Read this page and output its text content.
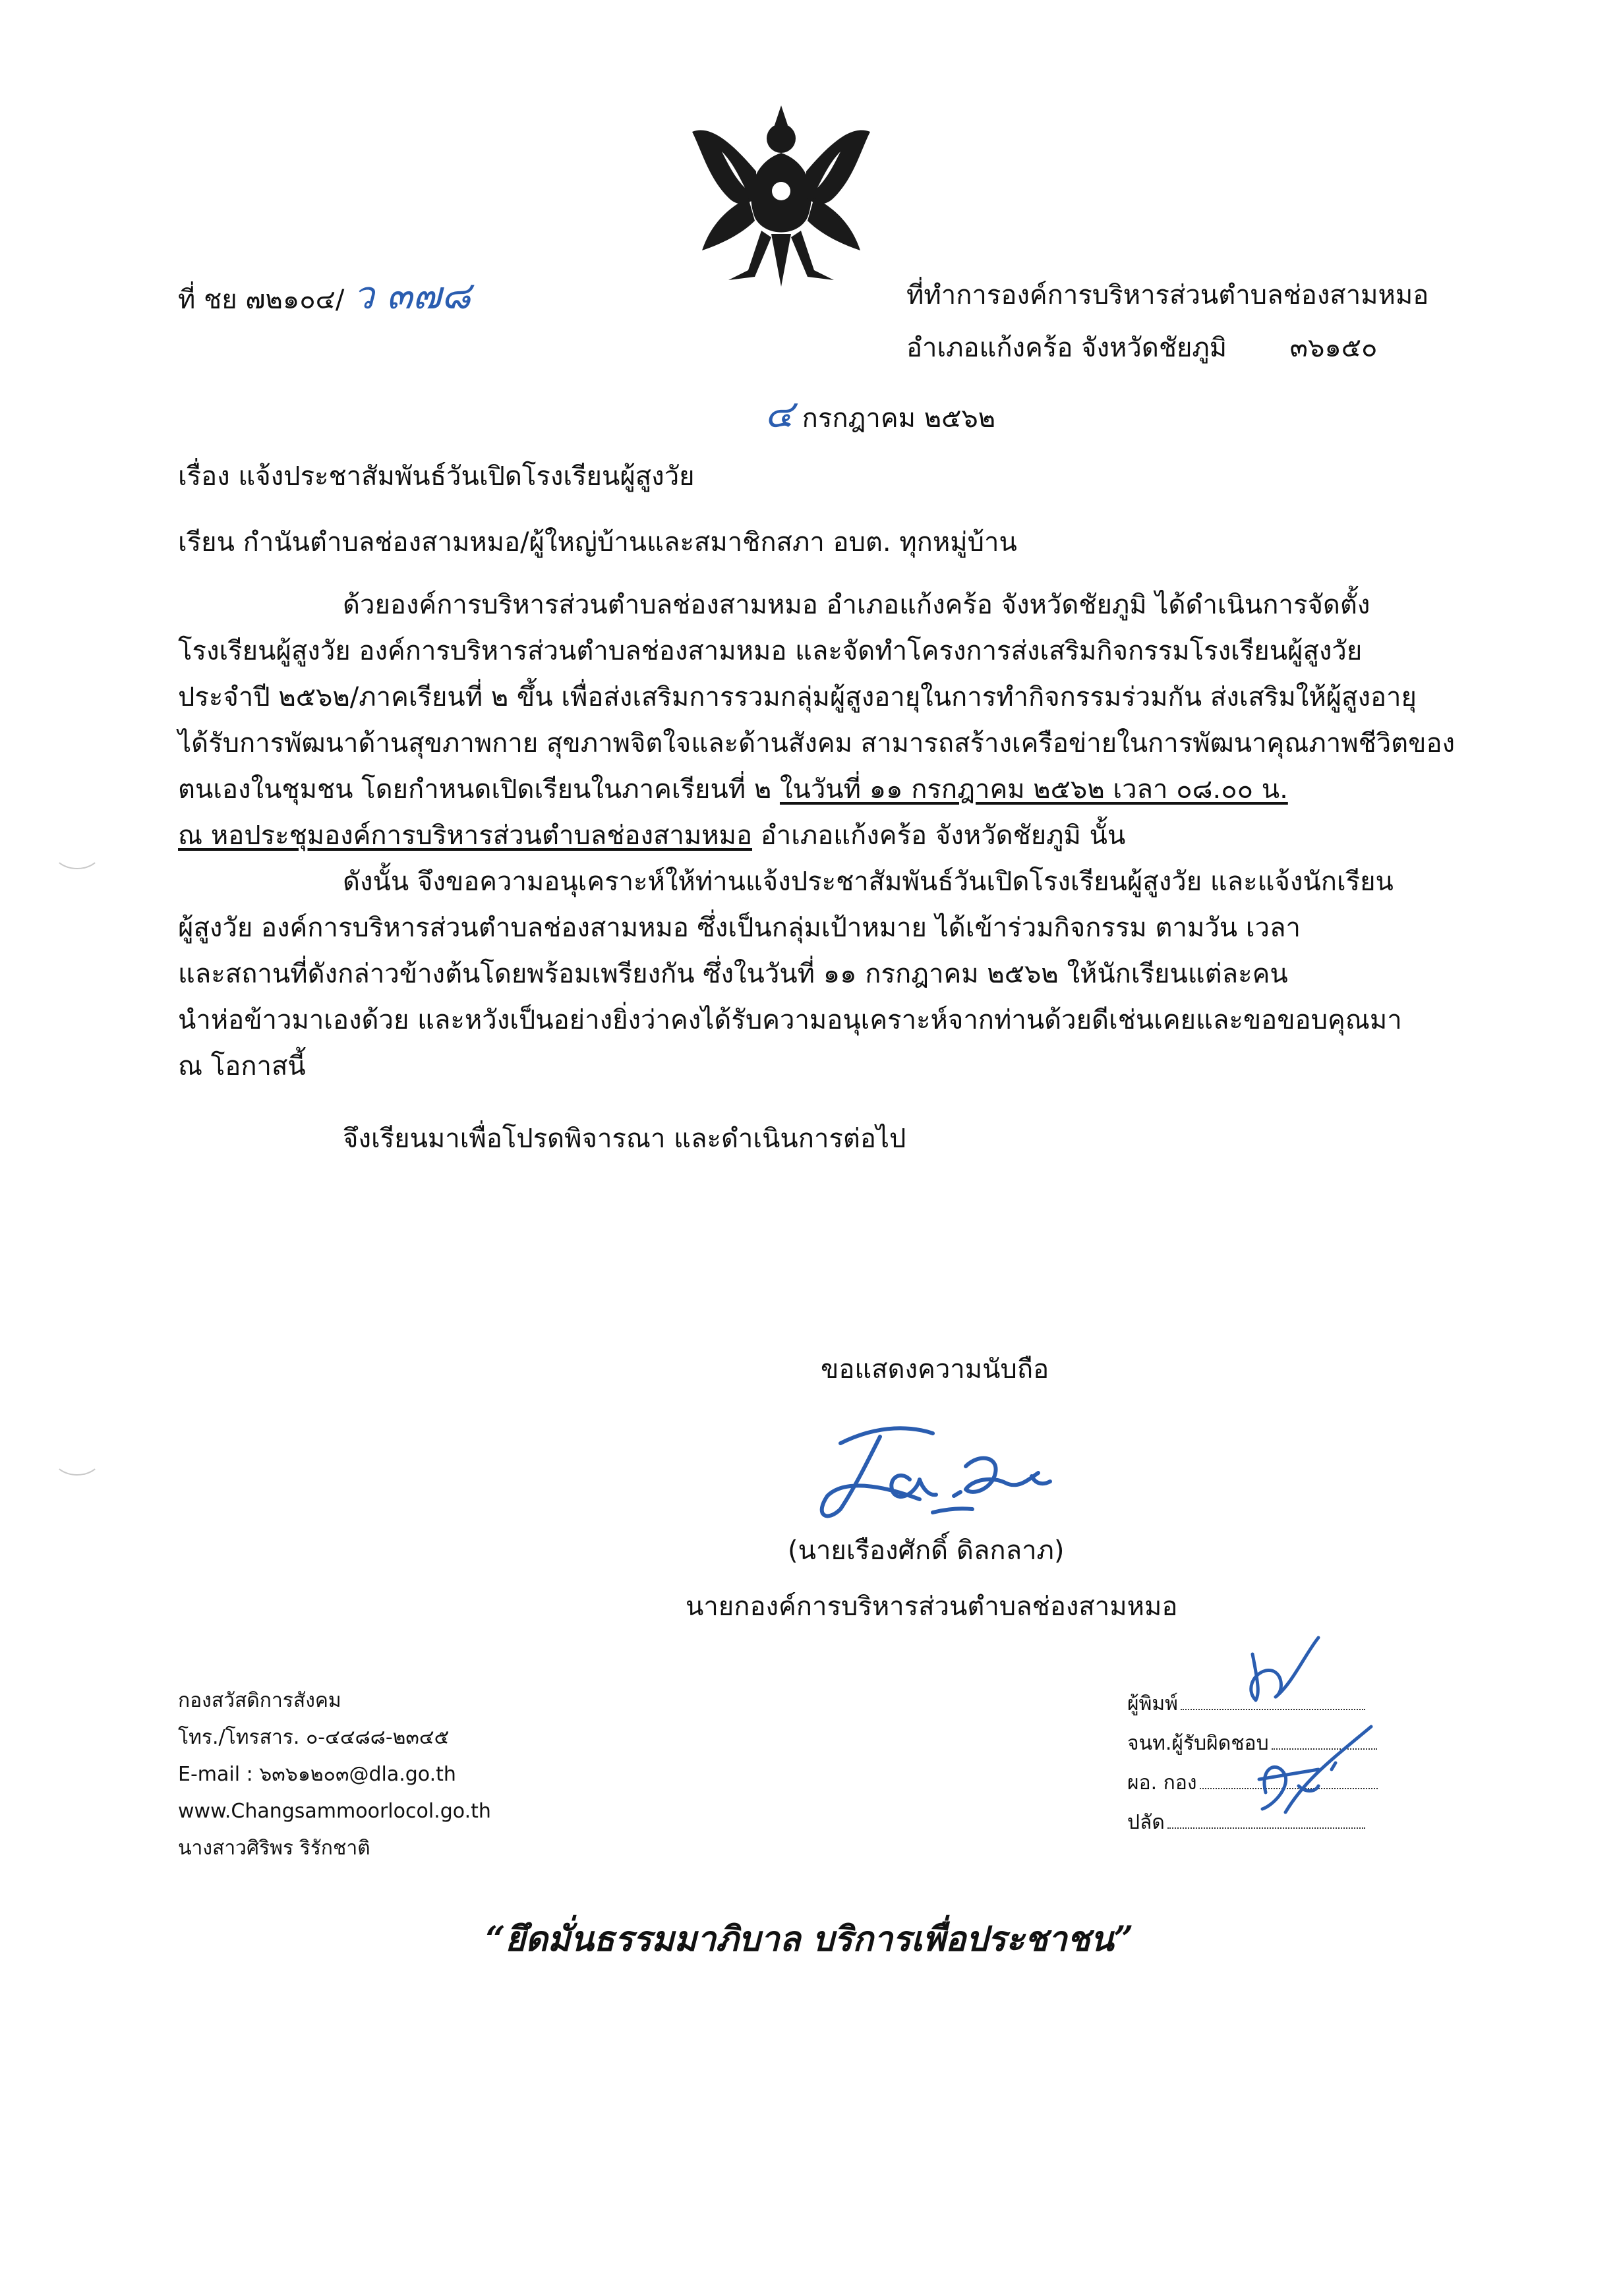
ที่ ชย ๗๒๑๐๔/ ว ๓๗๘	ที่ทำการองค์การบริหารส่วนตำบลช่องสามหมอ
อำเภอแก้งคร้อ จังหวัดชัยภูมิ ๓๖๑๕๐
๔ กรกฎาคม ๒๕๖๒
เรื่อง แจ้งประชาสัมพันธ์วันเปิดโรงเรียนผู้สูงวัย
เรียน กำนันตำบลช่องสามหมอ/ผู้ใหญ่บ้านและสมาชิกสภา อบต. ทุกหมู่บ้าน
ด้วยองค์การบริหารส่วนตำบลช่องสามหมอ อำเภอแก้งคร้อ จังหวัดชัยภูมิ ได้ดำเนินการจัดตั้ง
โรงเรียนผู้สูงวัย องค์การบริหารส่วนตำบลช่องสามหมอ และจัดทำโครงการส่งเสริมกิจกรรมโรงเรียนผู้สูงวัย
ประจำปี ๒๕๖๒/ภาคเรียนที่ ๒ ขึ้น เพื่อส่งเสริมการรวมกลุ่มผู้สูงอายุในการทำกิจกรรมร่วมกัน ส่งเสริมให้ผู้สูงอายุ
ได้รับการพัฒนาด้านสุขภาพกาย สุขภาพจิตใจและด้านสังคม สามารถสร้างเครือข่ายในการพัฒนาคุณภาพชีวิตของ
ตนเองในชุมชน โดยกำหนดเปิดเรียนในภาคเรียนที่ ๒ ในวันที่ ๑๑ กรกฎาคม ๒๕๖๒ เวลา ๐๘.๐๐ น.
ณ หอประชุมองค์การบริหารส่วนตำบลช่องสามหมอ อำเภอแก้งคร้อ จังหวัดชัยภูมิ นั้น
ดังนั้น จึงขอความอนุเคราะห์ให้ท่านแจ้งประชาสัมพันธ์วันเปิดโรงเรียนผู้สูงวัย และแจ้งนักเรียน
ผู้สูงวัย องค์การบริหารส่วนตำบลช่องสามหมอ ซึ่งเป็นกลุ่มเป้าหมาย ได้เข้าร่วมกิจกรรม ตามวัน เวลา
และสถานที่ดังกล่าวข้างต้นโดยพร้อมเพรียงกัน ซึ่งในวันที่ ๑๑ กรกฎาคม ๒๕๖๒ ให้นักเรียนแต่ละคน
นำห่อข้าวมาเองด้วย และหวังเป็นอย่างยิ่งว่าคงได้รับความอนุเคราะห์จากท่านด้วยดีเช่นเคยและขอขอบคุณมา
ณ โอกาสนี้
จึงเรียนมาเพื่อโปรดพิจารณา และดำเนินการต่อไป
ขอแสดงความนับถือ
(นายเรืองศักดิ์ ดิลกลาภ)
นายกองค์การบริหารส่วนตำบลช่องสามหมอ
กองสวัสดิการสังคม
โทร./โทรสาร. ๐-๔๔๘๘-๒๓๔๕
E-mail : ๖๓๖๑๒๐๓@dla.go.th
www.Changsammoorlocol.go.th
นางสาวศิริพร ริรักชาติ
ผู้พิมพ์
จนท.ผู้รับผิดชอบ
ผอ. กอง
ปลัด
“ยึดมั่นธรรมมาภิบาล บริการเพื่อประชาชน”
